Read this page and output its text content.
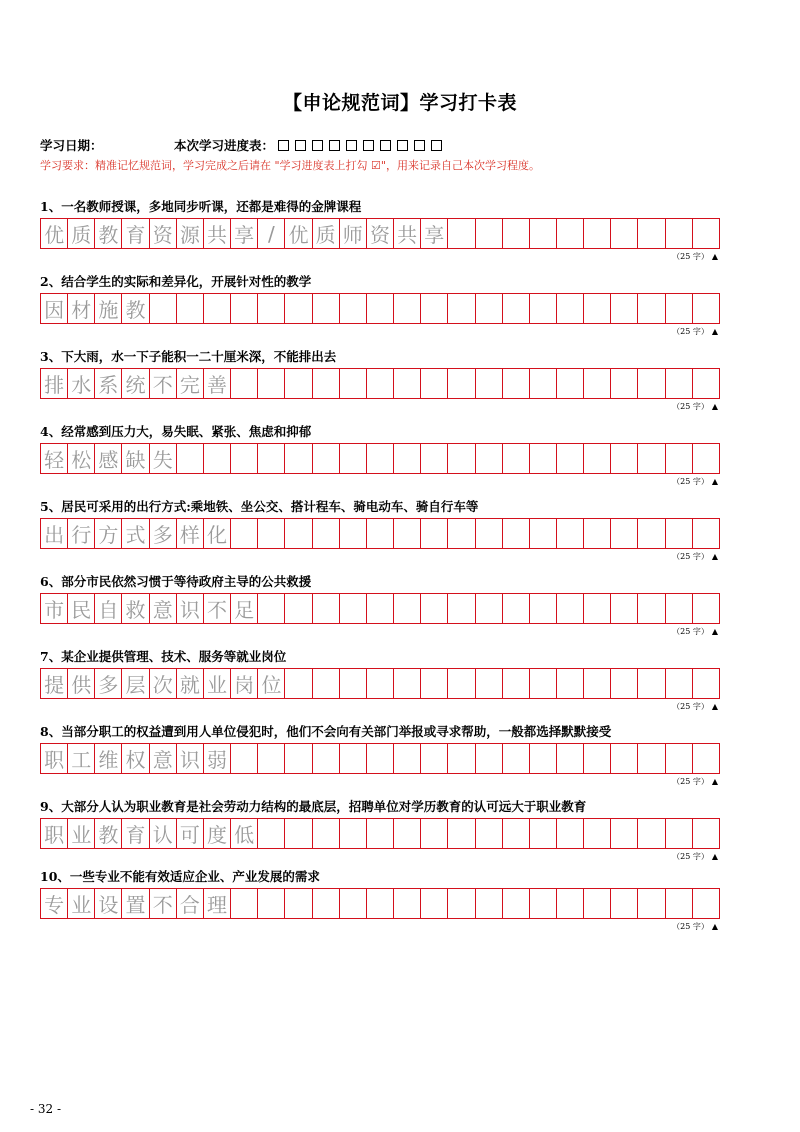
【申论规范词】学习打卡表
学习日期：	本次学习进度表：
学习要求：精准记忆规范词，学习完成之后请在 "学习进度表上打勾 ☑"，用来记录自己本次学习程度。
1、一名教师授课，多地同步听课，还都是难得的金牌课程
优 质 教 育 资 源 共 享 / 优 质 师 资 共 享
（25 字） ▲
2、结合学生的实际和差异化，开展针对性的教学
因 材 施 教
（25 字） ▲
3、下大雨，水一下子能积一二十厘米深，不能排出去
排 水 系 统 不 完 善
（25 字） ▲
4、经常感到压力大，易失眠、紧张、焦虑和抑郁
轻 松 感 缺 失
（25 字） ▲
5、居民可采用的出行方式:乘地铁、坐公交、搭计程车、骑电动车、骑自行车等
出 行 方 式 多 样 化
（25 字） ▲
6、部分市民依然习惯于等待政府主导的公共救援
市 民 自 救 意 识 不 足
（25 字） ▲
7、某企业提供管理、技术、服务等就业岗位
提 供 多 层 次 就 业 岗 位
（25 字） ▲
8、当部分职工的权益遭到用人单位侵犯时，他们不会向有关部门举报或寻求帮助，一般都选择默默接受
职 工 维 权 意 识 弱
（25 字） ▲
9、大部分人认为职业教育是社会劳动力结构的最底层，招聘单位对学历教育的认可远大于职业教育
职 业 教 育 认 可 度 低
（25 字） ▲
10、一些专业不能有效适应企业、产业发展的需求
专 业 设 置 不 合 理
（25 字） ▲
- 32 -
